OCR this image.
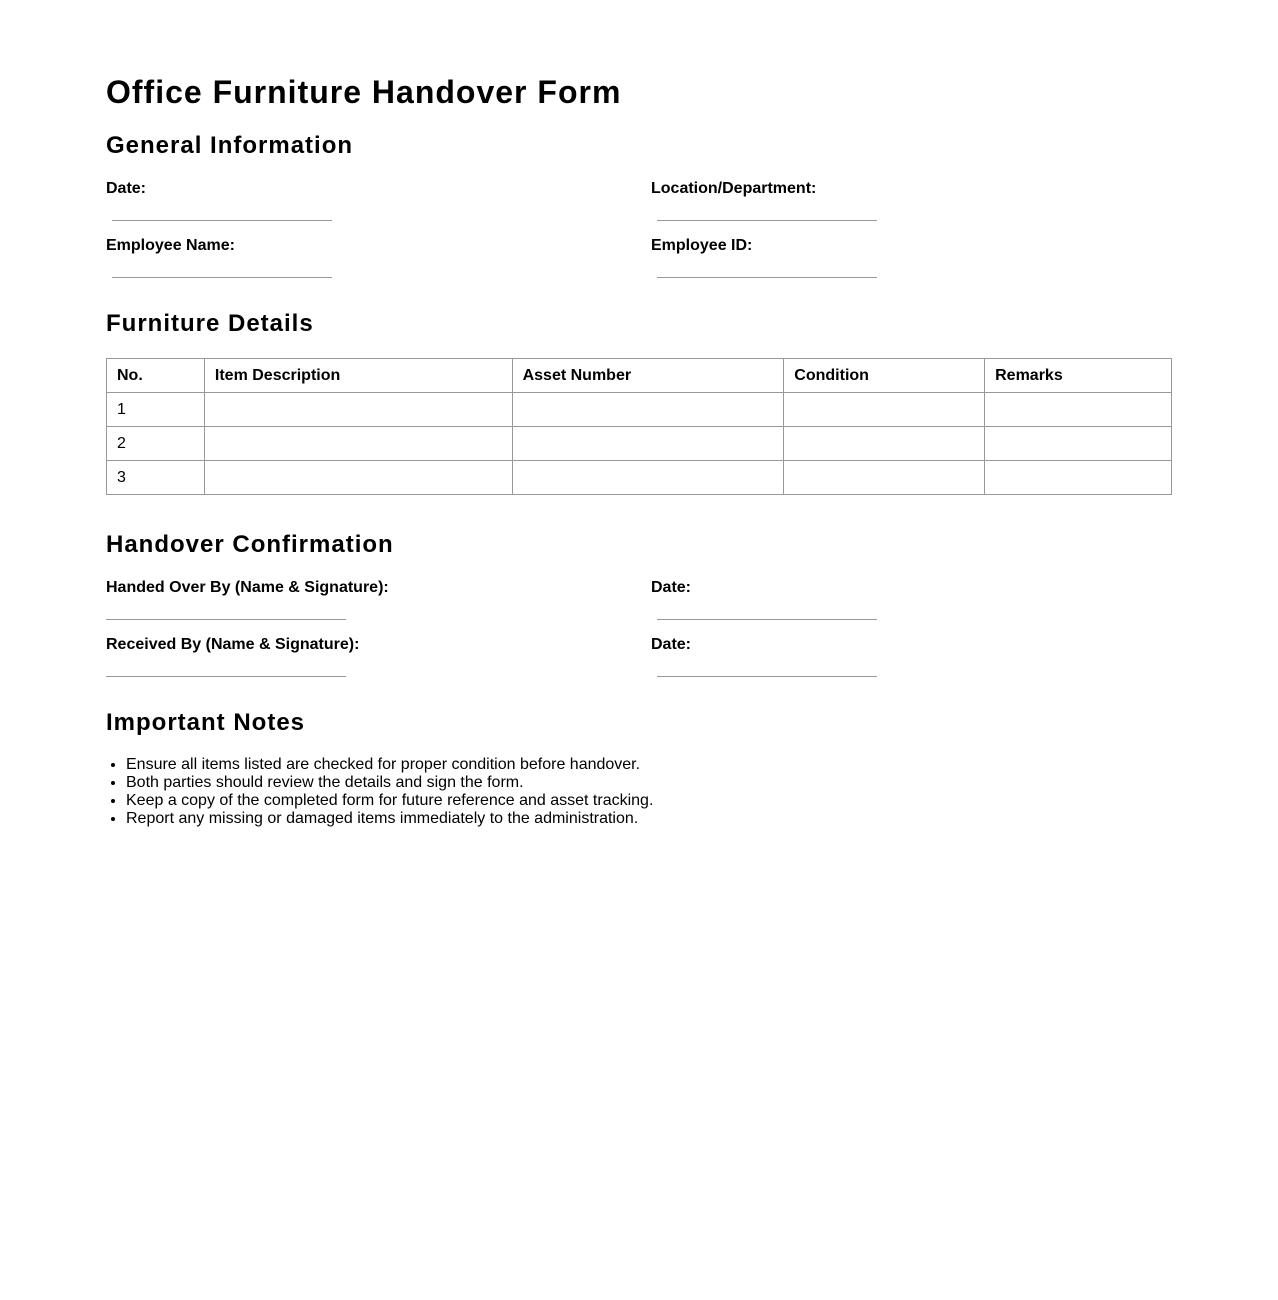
Office Furniture Handover Form
General Information
Date:	Location/Department:
Employee Name:	Employee ID:
Furniture Details
No.	Item Description	Asset Number	Condition	Remarks
1				
2				
3				
Handover Confirmation
Handed Over By (Name & Signature):	Date:
Received By (Name & Signature):	Date:
Important Notes
• Ensure all items listed are checked for proper condition before handover.
• Both parties should review the details and sign the form.
• Keep a copy of the completed form for future reference and asset tracking.
• Report any missing or damaged items immediately to the administration.
